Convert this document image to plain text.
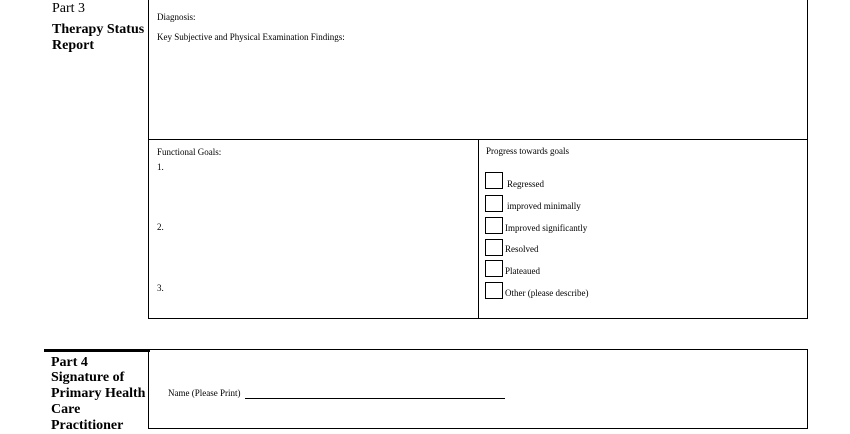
Part 3
Therapy Status
Report
Diagnosis:
Key Subjective and Physical Examination Findings:
Functional Goals:
1.
2.
3.
Progress towards goals
Regressed
improved minimally
Improved significantly
Resolved
Plateaued
Other (please describe)
Part 4
Signature of
Primary Health
Care
Practitioner
Name (Please Print)
